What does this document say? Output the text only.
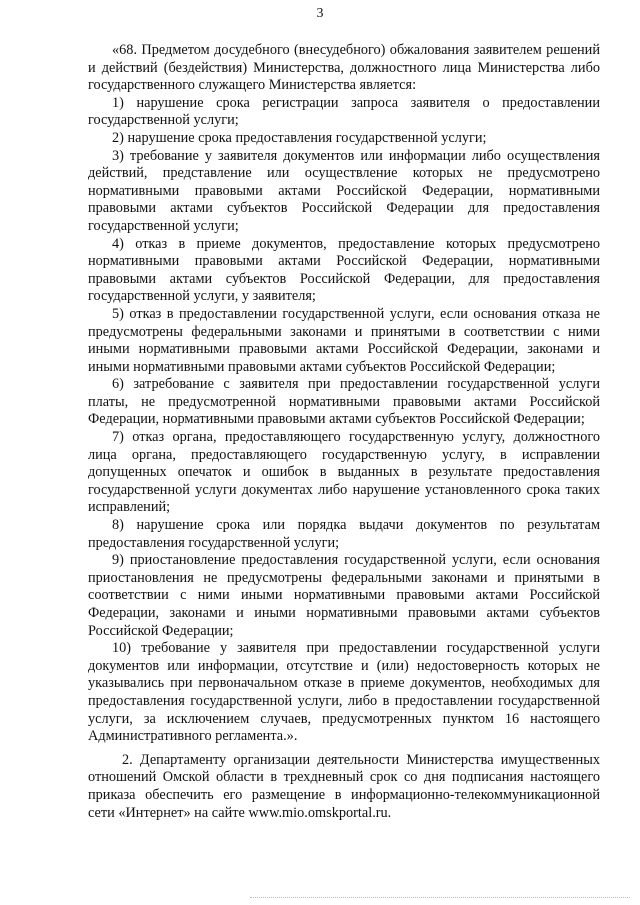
3

«68. Предметом досудебного (внесудебного) обжалования заявителем решений и действий (бездействия) Министерства, должностного лица Министерства либо государственного служащего Министерства является:

1) нарушение срока регистрации запроса заявителя о предоставлении государственной услуги;

2) нарушение срока предоставления государственной услуги;

3) требование у заявителя документов или информации либо осуществления действий, представление или осуществление которых не предусмотрено нормативными правовыми актами Российской Федерации, нормативными правовыми актами субъектов Российской Федерации для предоставления государственной услуги;

4) отказ в приеме документов, предоставление которых предусмотрено нормативными правовыми актами Российской Федерации, нормативными правовыми актами субъектов Российской Федерации, для предоставления государственной услуги, у заявителя;

5) отказ в предоставлении государственной услуги, если основания отказа не предусмотрены федеральными законами и принятыми в соответствии с ними иными нормативными правовыми актами Российской Федерации, законами и иными нормативными правовыми актами субъектов Российской Федерации;

6) затребование с заявителя при предоставлении государственной услуги платы, не предусмотренной нормативными правовыми актами Российской Федерации, нормативными правовыми актами субъектов Российской Федерации;

7) отказ органа, предоставляющего государственную услугу, должностного лица органа, предоставляющего государственную услугу, в исправлении допущенных опечаток и ошибок в выданных в результате предоставления государственной услуги документах либо нарушение установленного срока таких исправлений;

8) нарушение срока или порядка выдачи документов по результатам предоставления государственной услуги;

9) приостановление предоставления государственной услуги, если основания приостановления не предусмотрены федеральными законами и принятыми в соответствии с ними иными нормативными правовыми актами Российской Федерации, законами и иными нормативными правовыми актами субъектов Российской Федерации;

10) требование у заявителя при предоставлении государственной услуги документов или информации, отсутствие и (или) недостоверность которых не указывались при первоначальном отказе в приеме документов, необходимых для предоставления государственной услуги, либо в предоставлении государственной услуги, за исключением случаев, предусмотренных пунктом 16 настоящего Административного регламента.».

2. Департаменту организации деятельности Министерства имущественных отношений Омской области в трехдневный срок со дня подписания настоящего приказа обеспечить его размещение в информационно-телекоммуникационной сети «Интернет» на сайте www.mio.omskportal.ru.
